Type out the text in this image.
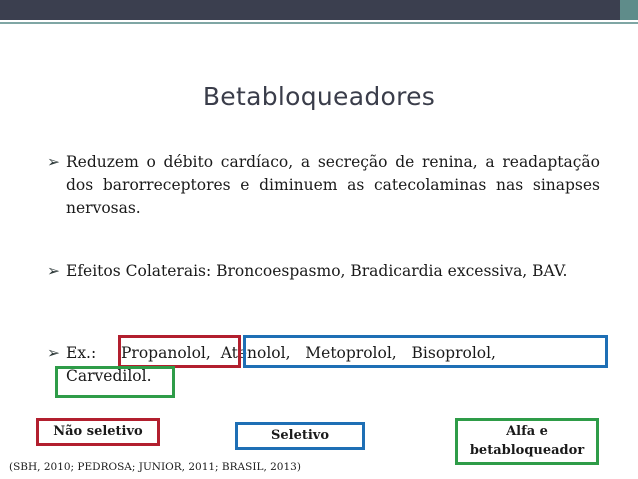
Betabloqueadores
➢ Reduzem o débito cardíaco, a secreção de renina, a readaptação dos barorreceptores e diminuem as catecolaminas nas sinapses nervosas.
➢ Efeitos Colaterais: Broncoespasmo, Bradicardia excessiva, BAV.
➢ Ex.: Propanolol, Atenolol, Metoprolol, Bisoprolol,
Carvedilol.
Não seletivo	Seletivo	Alfa e
betabloqueador
(SBH, 2010; PEDROSA; JUNIOR, 2011; BRASIL, 2013)
